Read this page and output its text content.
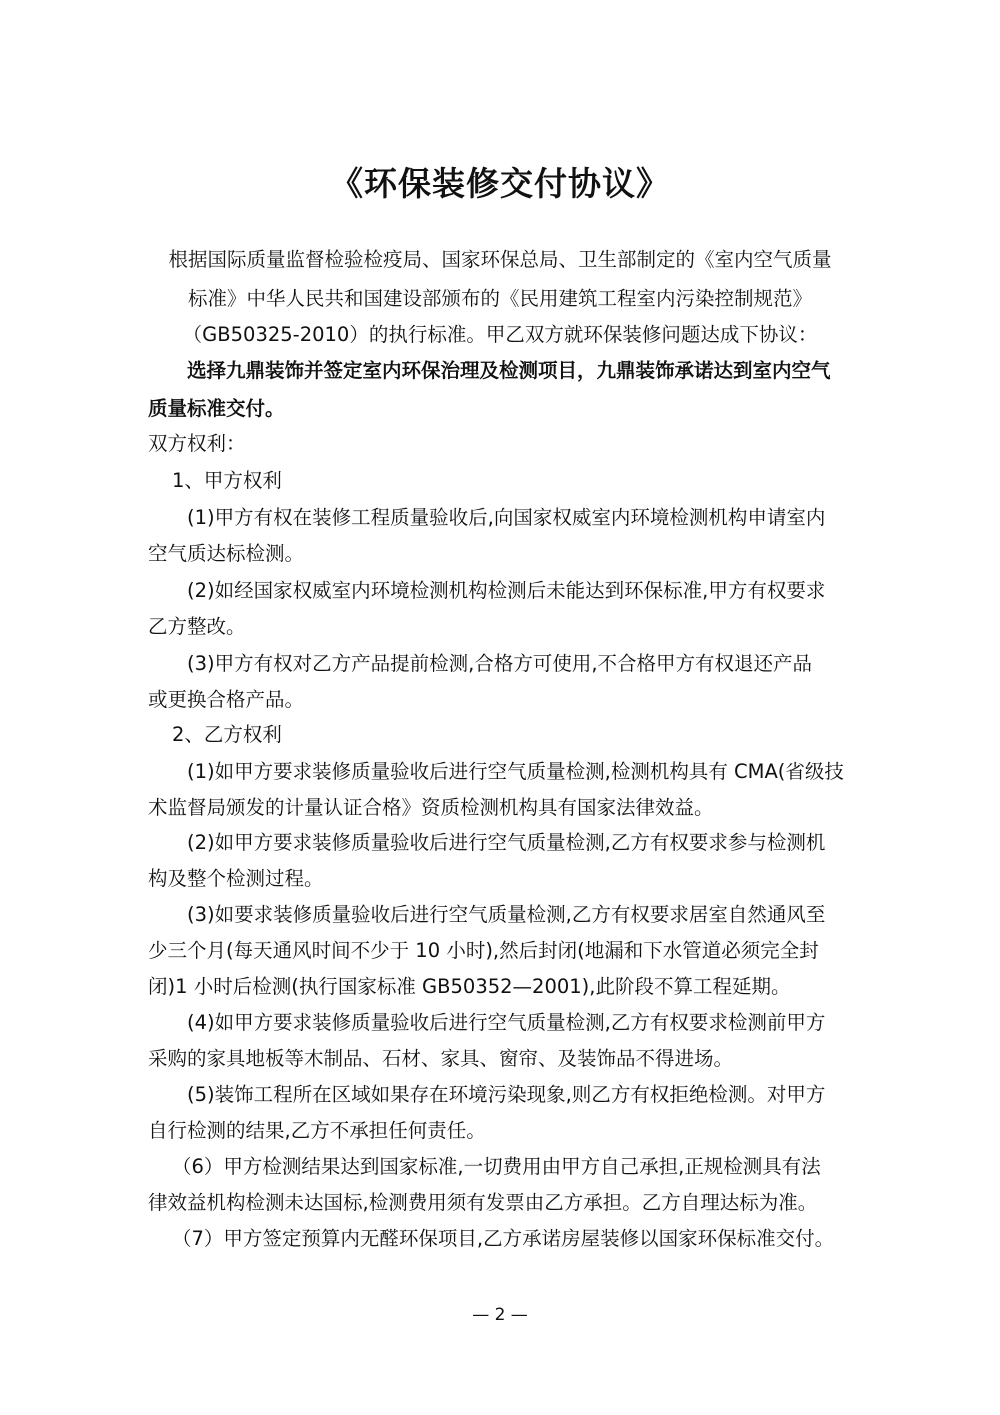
《环保装修交付协议》
根据国际质量监督检验检疫局、国家环保总局、卫生部制定的《室内空气质量
标准》中华人民共和国建设部颁布的《民用建筑工程室内污染控制规范》
（GB50325-2010）的执行标准。甲乙双方就环保装修问题达成下协议：
选择九鼎装饰并签定室内环保治理及检测项目，九鼎装饰承诺达到室内空气
质量标准交付。
双方权利：
1、甲方权利
(1)甲方有权在装修工程质量验收后,向国家权威室内环境检测机构申请室内
空气质达标检测。
(2)如经国家权威室内环境检测机构检测后未能达到环保标准,甲方有权要求
乙方整改。
(3)甲方有权对乙方产品提前检测,合格方可使用,不合格甲方有权退还产品
或更换合格产品。
2、乙方权利
(1)如甲方要求装修质量验收后进行空气质量检测,检测机构具有 CMA(省级技
术监督局颁发的计量认证合格》资质检测机构具有国家法律效益。
(2)如甲方要求装修质量验收后进行空气质量检测,乙方有权要求参与检测机
构及整个检测过程。
(3)如要求装修质量验收后进行空气质量检测,乙方有权要求居室自然通风至
少三个月(每天通风时间不少于 10 小时),然后封闭(地漏和下水管道必须完全封
闭)1 小时后检测(执行国家标准 GB50352—2001),此阶段不算工程延期。
(4)如甲方要求装修质量验收后进行空气质量检测,乙方有权要求检测前甲方
采购的家具地板等木制品、石材、家具、窗帘、及装饰品不得进场。
(5)装饰工程所在区域如果存在环境污染现象,则乙方有权拒绝检测。对甲方
自行检测的结果,乙方不承担任何责任。
（6）甲方检测结果达到国家标准,一切费用由甲方自己承担,正规检测具有法
律效益机构检测未达国标,检测费用须有发票由乙方承担。乙方自理达标为准。
（7）甲方签定预算内无醛环保项目,乙方承诺房屋装修以国家环保标准交付。
— 2 —
